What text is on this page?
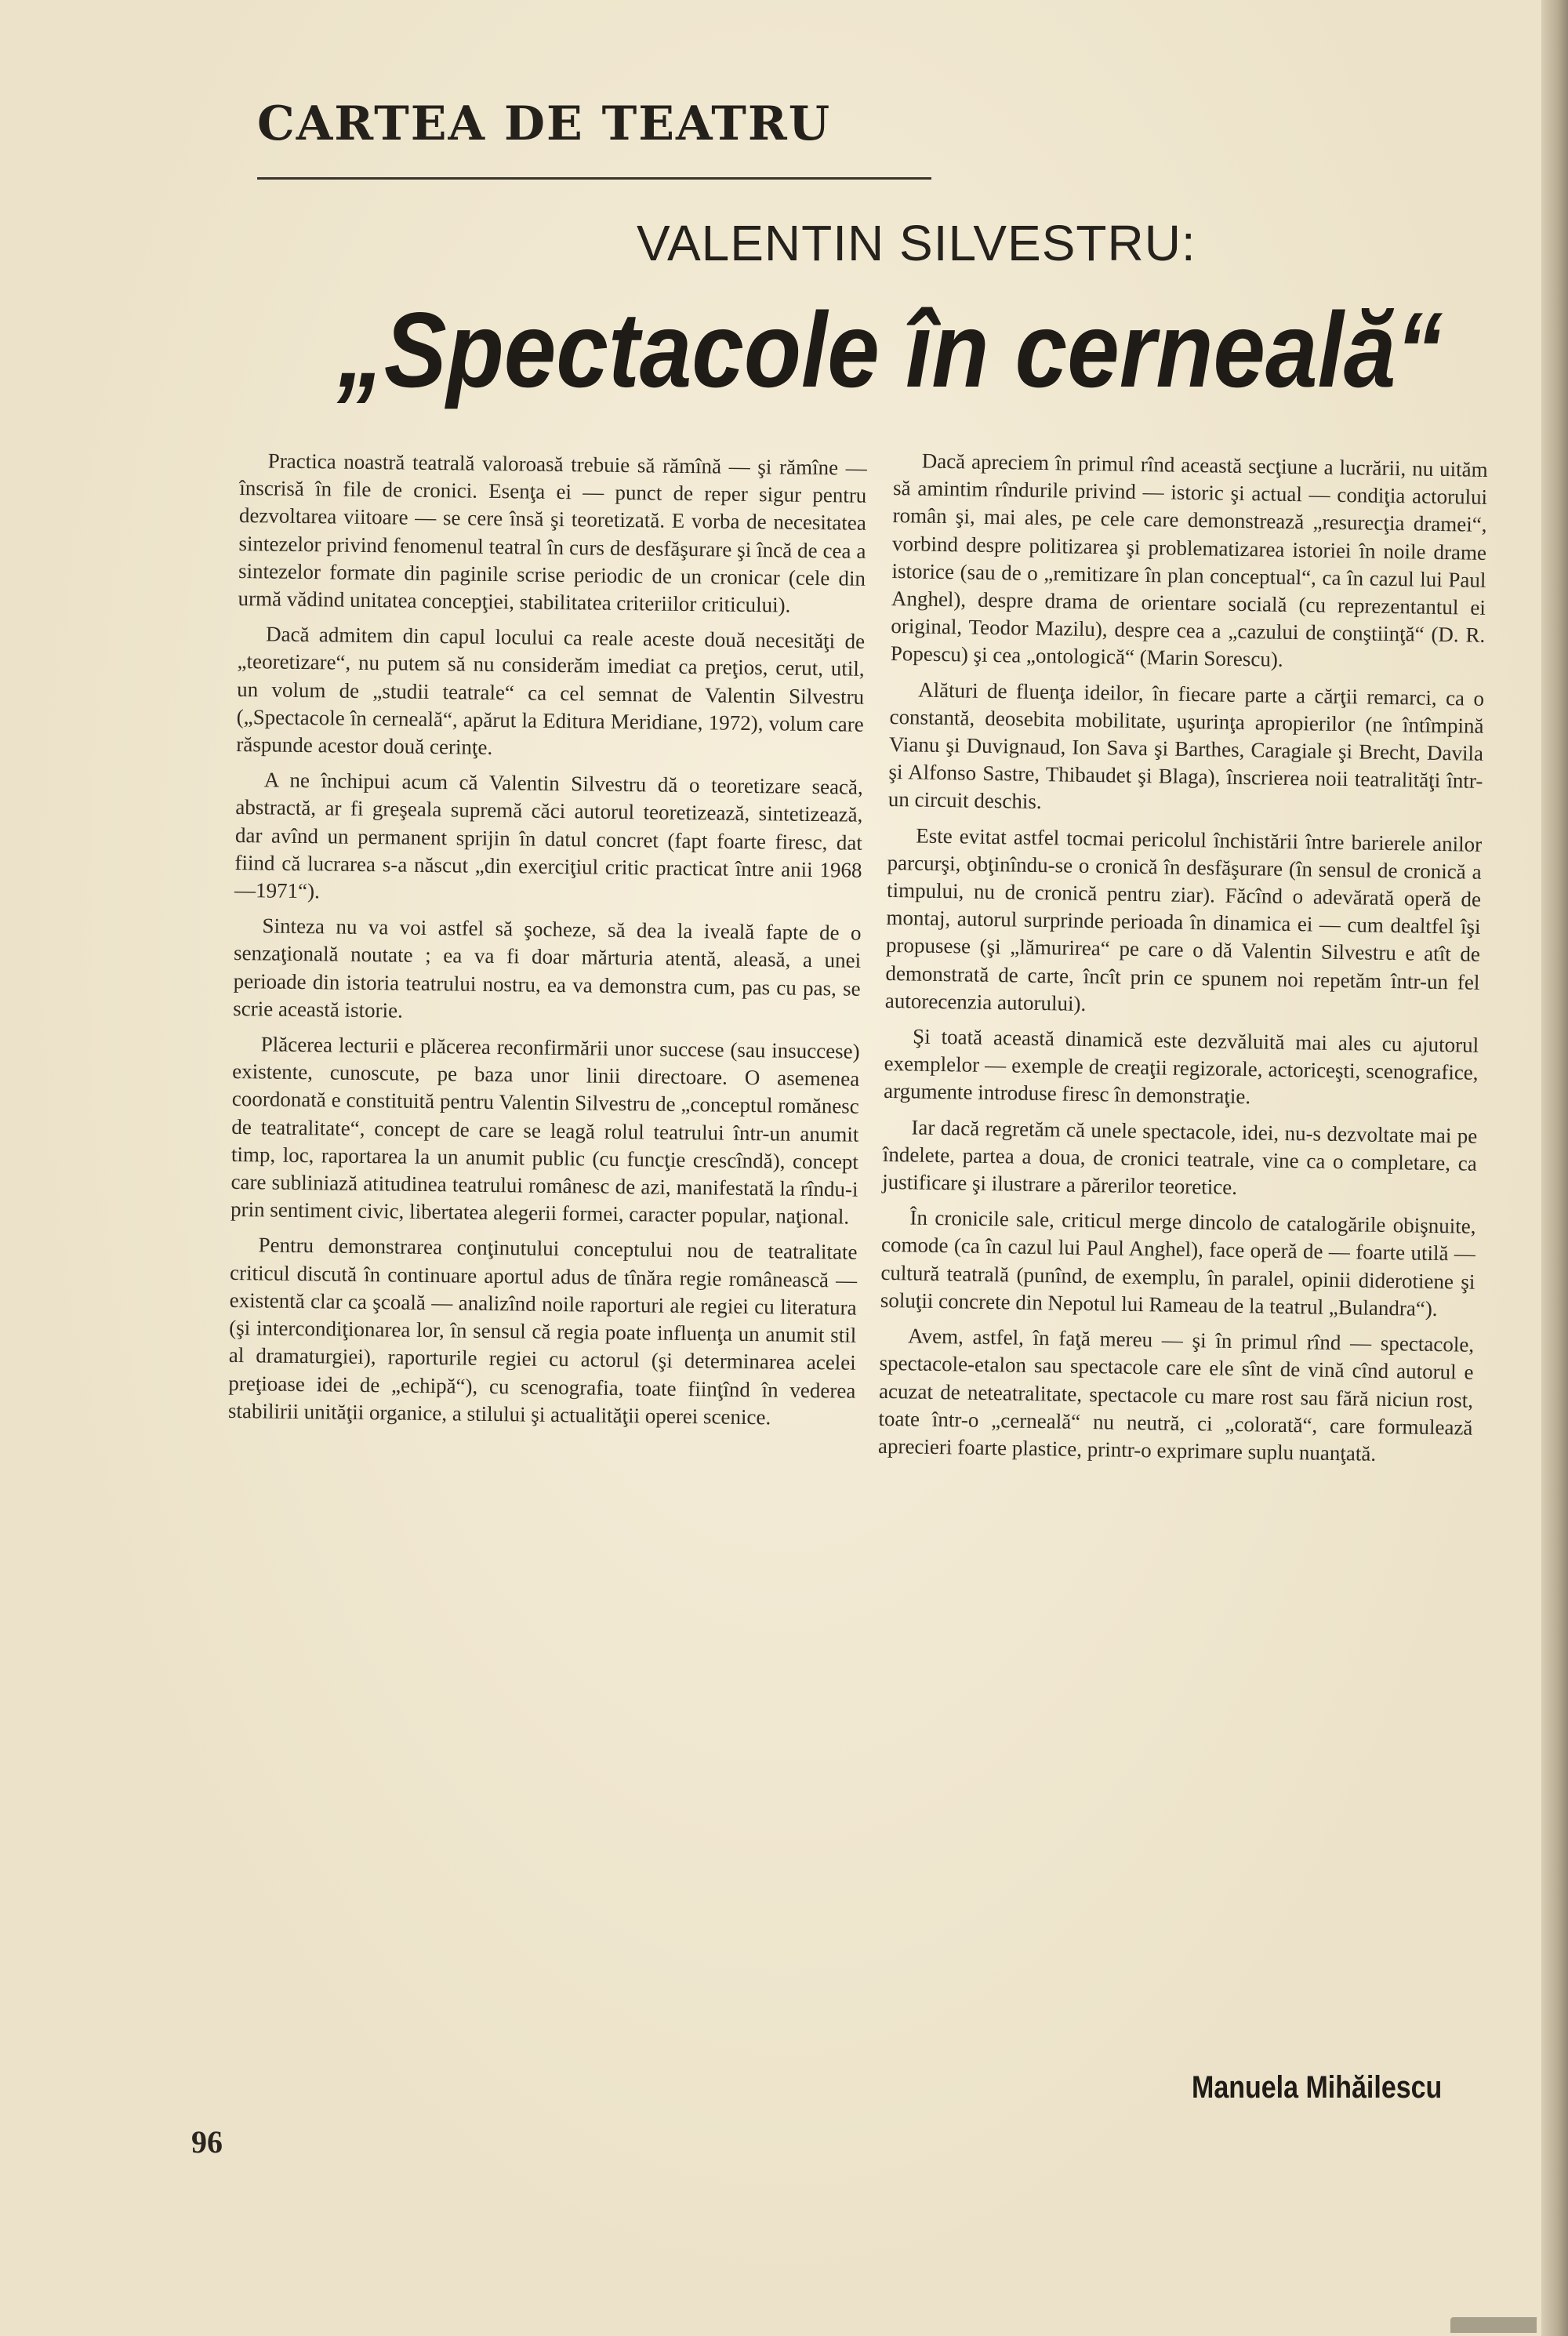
CARTEA DE TEATRU
VALENTIN SILVESTRU:
„Spectacole în cerneală“

Practica noastră teatrală valoroasă trebuie să rămînă — şi rămîne — înscrisă în file de cronici. Esenţa ei — punct de reper sigur pentru dezvoltarea viitoare — se cere însă şi teoretizată. E vorba de necesitatea sintezelor privind fenomenul teatral în curs de desfăşurare şi încă de cea a sintezelor formate din paginile scrise periodic de un cronicar (cele din urmă vădind unitatea concepţiei, stabilitatea criteriilor criticului).

Dacă admitem din capul locului ca reale aceste două necesităţi de „teoretizare“, nu putem să nu considerăm imediat ca preţios, cerut, util, un volum de „studii teatrale“ ca cel semnat de Valentin Silvestru („Spectacole în cerneală“, apărut la Editura Meridiane, 1972), volum care răspunde acestor două cerinţe.

A ne închipui acum că Valentin Silvestru dă o teoretizare seacă, abstractă, ar fi greşeala supremă căci autorul teoretizează, sintetizează, dar avînd un permanent sprijin în datul concret (fapt foarte firesc, dat fiind că lucrarea s-a născut „din exerciţiul critic practicat între anii 1968—1971“).

Sinteza nu va voi astfel să şocheze, să dea la iveală fapte de o senzaţională noutate ; ea va fi doar mărturia atentă, aleasă, a unei perioade din istoria teatrului nostru, ea va demonstra cum, pas cu pas, se scrie această istorie.

Plăcerea lecturii e plăcerea reconfirmării unor succese (sau insuccese) existente, cunoscute, pe baza unor linii directoare. O asemenea coordonată e constituită pentru Valentin Silvestru de „conceptul romănesc de teatralitate“, concept de care se leagă rolul teatrului într-un anumit timp, loc, raportarea la un anumit public (cu funcţie crescîndă), concept care subliniază atitudinea teatrului românesc de azi, manifestată la rîndu-i prin sentiment civic, libertatea alegerii formei, caracter popular, naţional.

Pentru demonstrarea conţinutului conceptului nou de teatralitate criticul discută în continuare aportul adus de tînăra regie românească — existentă clar ca şcoală — analizînd noile raporturi ale regiei cu literatura (şi intercondiţionarea lor, în sensul că regia poate influenţa un anumit stil al dramaturgiei), raporturile regiei cu actorul (şi determinarea acelei preţioase idei de „echipă“), cu scenografia, toate fiinţînd în vederea stabilirii unităţii organice, a stilului şi actualităţii operei scenice.

Dacă apreciem în primul rînd această secţiune a lucrării, nu uităm să amintim rîndurile privind — istoric şi actual — condiţia actorului român şi, mai ales, pe cele care demonstrează „resurecţia dramei“, vorbind despre politizarea şi problematizarea istoriei în noile drame istorice (sau de o „remitizare în plan conceptual“, ca în cazul lui Paul Anghel), despre drama de orientare socială (cu reprezentantul ei original, Teodor Mazilu), despre cea a „cazului de conştiinţă“ (D. R. Popescu) şi cea „ontologică“ (Marin Sorescu).

Alături de fluenţa ideilor, în fiecare parte a cărţii remarci, ca o constantă, deosebita mobilitate, uşurinţa apropierilor (ne întîmpină Vianu şi Duvignaud, Ion Sava şi Barthes, Caragiale şi Brecht, Davila şi Alfonso Sastre, Thibaudet şi Blaga), înscrierea noii teatralităţi într-un circuit deschis.

Este evitat astfel tocmai pericolul închistării între barierele anilor parcurşi, obţinîndu-se o cronică în desfăşurare (în sensul de cronică a timpului, nu de cronică pentru ziar). Făcînd o adevărată operă de montaj, autorul surprinde perioada în dinamica ei — cum dealtfel îşi propusese (şi „lămurirea“ pe care o dă Valentin Silvestru e atît de demonstrată de carte, încît prin ce spunem noi repetăm într-un fel autorecenzia autorului).

Şi toată această dinamică este dezvăluită mai ales cu ajutorul exemplelor — exemple de creaţii regizorale, actoriceşti, scenografice, argumente introduse firesc în demonstraţie.

Iar dacă regretăm că unele spectacole, idei, nu-s dezvoltate mai pe îndelete, partea a doua, de cronici teatrale, vine ca o completare, ca justificare şi ilustrare a părerilor teoretice.

În cronicile sale, criticul merge dincolo de catalogările obişnuite, comode (ca în cazul lui Paul Anghel), face operă de — foarte utilă — cultură teatrală (punînd, de exemplu, în paralel, opinii diderotiene şi soluţii concrete din Nepotul lui Rameau de la teatrul „Bulandra“).

Avem, astfel, în faţă mereu — şi în primul rînd — spectacole, spectacole-etalon sau spectacole care ele sînt de vină cînd autorul e acuzat de neteatralitate, spectacole cu mare rost sau fără niciun rost, toate într-o „cerneală“ nu neutră, ci „colorată“, care formulează aprecieri foarte plastice, printr-o exprimare suplu nuanţată.

Manuela Mihăilescu
96
